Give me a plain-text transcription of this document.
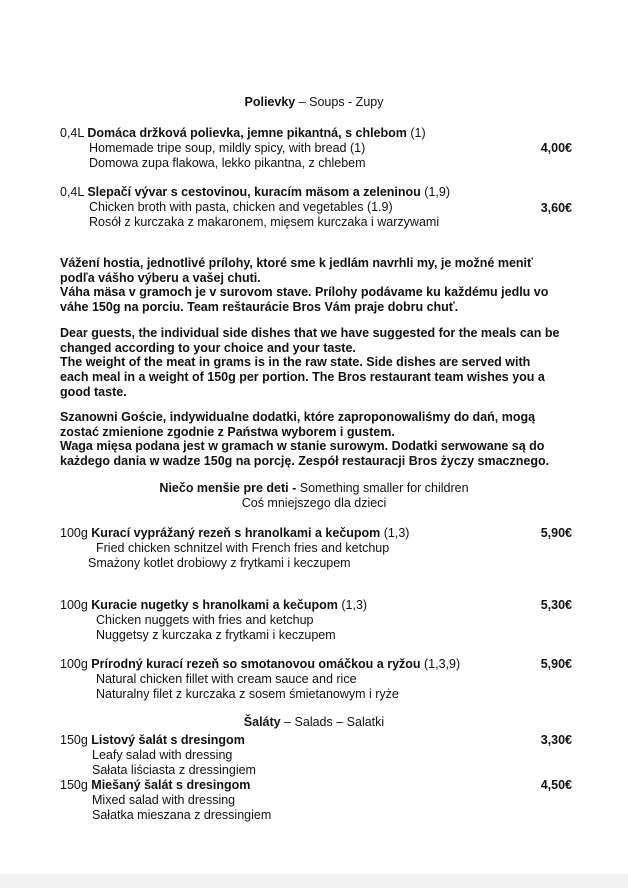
Polievky – Soups - Zupy
0,4L Domáca držková polievka, jemne pikantná, s chlebom (1)
Homemade tripe soup, mildly spicy, with bread (1)
Domowa zupa flakowa, lekko pikantna, z chlebem
4,00€
0,4L Slepačí vývar s cestovinou, kuracím mäsom a zeleninou (1,9)
Chicken broth with pasta, chicken and vegetables (1.9)
Rosół z kurczaka z makaronem, mięsem kurczaka i warzywami
3,60€
Vážení hostia, jednotlivé prílohy, ktoré sme k jedlám navrhli my, je možné meniť
podľa vášho výberu a vašej chuti.
Váha mäsa v gramoch je v surovom stave. Prílohy podávame ku každému jedlu vo
váhe 150g na porciu. Team reštaurácie Bros Vám praje dobru chuť.
Dear guests, the individual side dishes that we have suggested for the meals can be
changed according to your choice and your taste.
The weight of the meat in grams is in the raw state. Side dishes are served with
each meal in a weight of 150g per portion. The Bros restaurant team wishes you a
good taste.
Szanowni Goście, indywidualne dodatki, które zaproponowaliśmy do dań, mogą
zostać zmienione zgodnie z Państwa wyborem i gustem.
Waga mięsa podana jest w gramach w stanie surowym. Dodatki serwowane są do
każdego dania w wadze 150g na porcję. Zespół restauracji Bros życzy smacznego.
Niečo menšie pre deti - Something smaller for children
Coś mniejszego dla dzieci
100g Kurací vyprážaný rezeň s hranolkami a kečupom (1,3)
Fried chicken schnitzel with French fries and ketchup
Smażony kotlet drobiowy z frytkami i keczupem
5,90€
100g Kuracie nugetky s hranolkami a kečupom (1,3)
Chicken nuggets with fries and ketchup
Nuggetsy z kurczaka z frytkami i keczupem
5,30€
100g Prírodný kurací rezeň so smotanovou omáčkou a ryžou (1,3,9)
Natural chicken fillet with cream sauce and rice
Naturalny filet z kurczaka z sosem śmietanowym i ryże
5,90€
Šaláty – Salads – Salatki
150g Listový šalát s dresingom
Leafy salad with dressing
Sałata liściasta z dressingiem
3,30€
150g Miešaný šalát s dresingom
Mixed salad with dressing
Sałatka mieszana z dressingiem
4,50€
